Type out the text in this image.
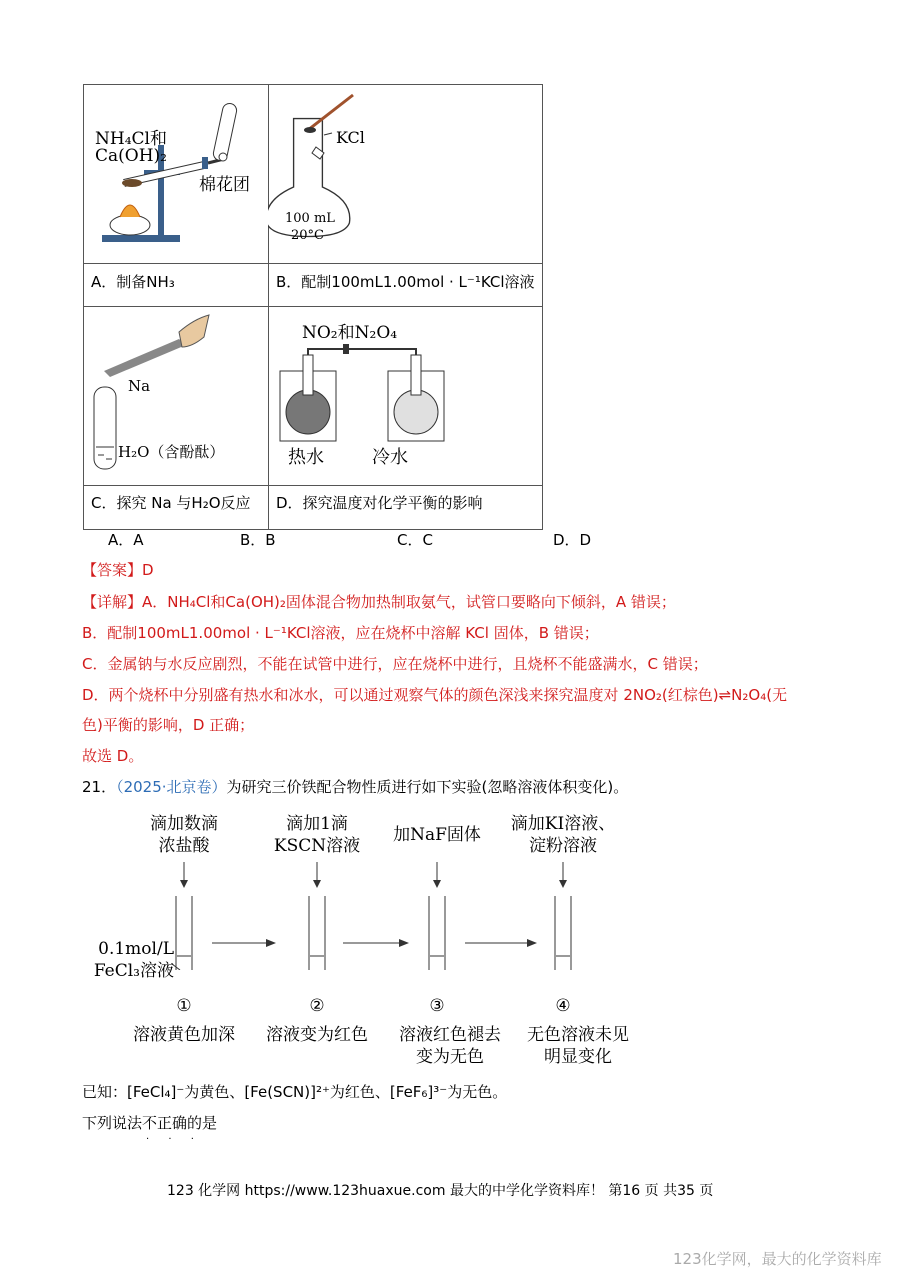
NH₄Cl和
Ca(OH)₂
棉花团
KCl
100 mL
20°C
A．制备NH₃	B．配制100mL1.00mol · L⁻¹KCl溶液
Na
H₂O（含酚酞）
NO₂和N₂O₄
热水	冷水
C．探究 Na 与H₂O反应 D．探究温度对化学平衡的影响
A．A	B．B	C．C	D．D
【答案】D
【详解】A．NH₄Cl和Ca(OH)₂固体混合物加热制取氨气，试管口要略向下倾斜，A 错误；
B．配制100mL1.00mol · L⁻¹KCl溶液，应在烧杯中溶解 KCl 固体，B 错误；
C．金属钠与水反应剧烈，不能在试管中进行，应在烧杯中进行，且烧杯不能盛满水，C 错误；
D．两个烧杯中分别盛有热水和冰水，可以通过观察气体的颜色深浅来探究温度对 2NO₂(红棕色)⇌N₂O₄(无
色)平衡的影响，D 正确；
故选 D。
21．（2025·北京卷）为研究三价铁配合物性质进行如下实验(忽略溶液体积变化)。
滴加数滴
浓盐酸
滴加1滴
KSCN溶液
加NaF固体
滴加KI溶液、
淀粉溶液
0.1mol/L
FeCl₃溶液
①	②	③	④
溶液黄色加深	溶液变为红色	溶液红色褪去
变为无色
无色溶液未见
明显变化
已知：[FeCl₄]⁻为黄色、[Fe(SCN)]²⁺为红色、[FeF₆]³⁻为无色。
下列说法不正确的是
· · ·
123 化学网 https://www.123huaxue.com 最大的中学化学资料库！ 第16 页 共35 页
123化学网，最大的化学资料库
